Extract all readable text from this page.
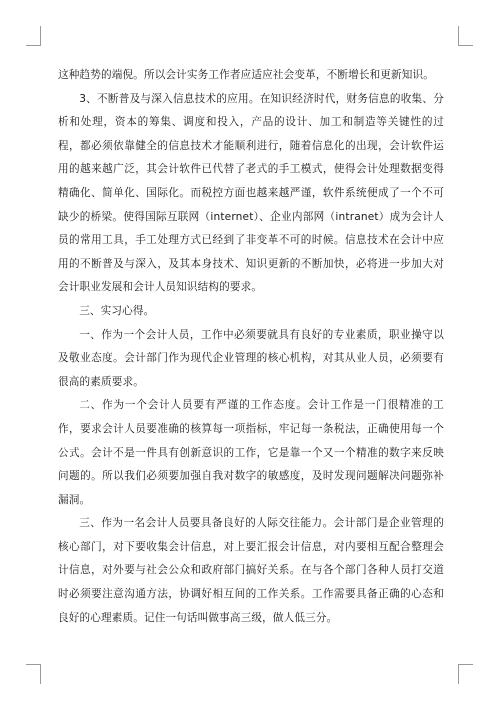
这种趋势的端倪。所以会计实务工作者应适应社会变革，不断增长和更新知识。

3、不断普及与深入信息技术的应用。在知识经济时代，财务信息的收集、分析和处理，资本的筹集、调度和投入，产品的设计、加工和制造等关键性的过程，都必须依靠健全的信息技术才能顺利进行，随着信息化的出现，会计软件运用的越来越广泛，其会计软件已代替了老式的手工模式，使得会计处理数据变得精确化、简单化、国际化。而税控方面也越来越严谨，软件系统便成了一个不可缺少的桥梁。使得国际互联网（internet）、企业内部网（intranet）成为会计人员的常用工具，手工处理方式已经到了非变革不可的时候。信息技术在会计中应用的不断普及与深入，及其本身技术、知识更新的不断加快，必将进一步加大对会计职业发展和会计人员知识结构的要求。

三、实习心得。

一、作为一个会计人员，工作中必须要就具有良好的专业素质，职业操守以及敬业态度。会计部门作为现代企业管理的核心机构，对其从业人员，必须要有很高的素质要求。

二、作为一个会计人员要有严谨的工作态度。会计工作是一门很精准的工作，要求会计人员要准确的核算每一项指标，牢记每一条税法，正确使用每一个公式。会计不是一件具有创新意识的工作，它是靠一个又一个精准的数字来反映问题的。所以我们必须要加强自我对数字的敏感度，及时发现问题解决问题弥补漏洞。

三、作为一名会计人员要具备良好的人际交往能力。会计部门是企业管理的核心部门，对下要收集会计信息，对上要汇报会计信息，对内要相互配合整理会计信息，对外要与社会公众和政府部门搞好关系。在与各个部门各种人员打交道时必须要注意沟通方法，协调好相互间的工作关系。工作需要具备正确的心态和良好的心理素质。记住一句话叫做事高三级，做人低三分。
